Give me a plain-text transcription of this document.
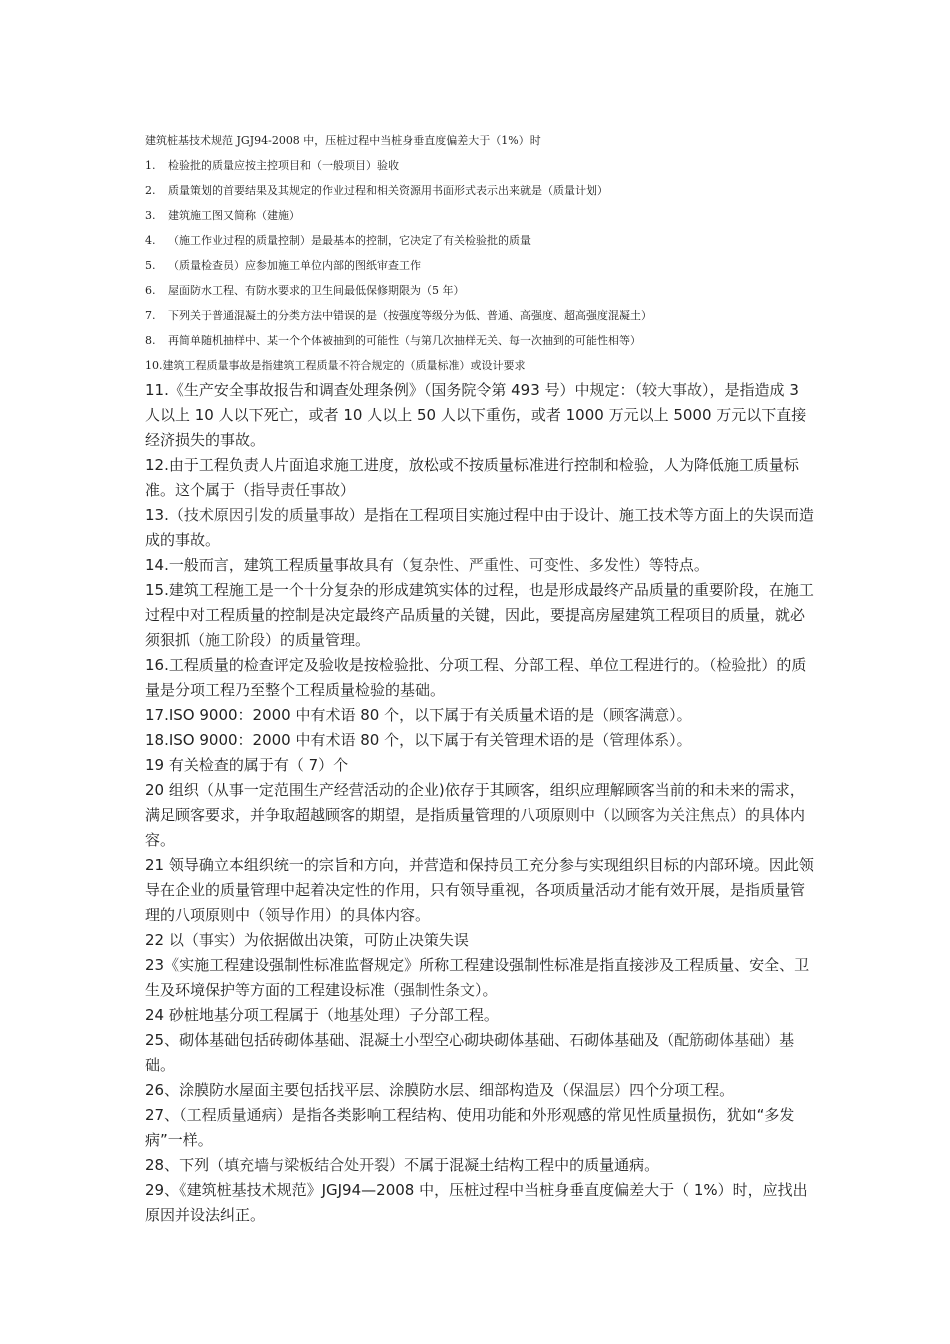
建筑桩基技术规范 JGJ94-2008 中，压桩过程中当桩身垂直度偏差大于（1%）时

1. 检验批的质量应按主控项目和（一般项目）验收

2. 质量策划的首要结果及其规定的作业过程和相关资源用书面形式表示出来就是（质量计划）

3. 建筑施工图又简称（建施）

4. （施工作业过程的质量控制）是最基本的控制，它决定了有关检验批的质量

5. （质量检查员）应参加施工单位内部的图纸审查工作

6. 屋面防水工程、有防水要求的卫生间最低保修期限为（5 年）

7. 下列关于普通混凝土的分类方法中错误的是（按强度等级分为低、普通、高强度、超高强度混凝土）

8. 再简单随机抽样中、某一个个体被抽到的可能性（与第几次抽样无关、每一次抽到的可能性相等）

10.建筑工程质量事故是指建筑工程质量不符合规定的（质量标准）或设计要求

11.《生产安全事故报告和调查处理条例》（国务院令第 493 号）中规定：（较大事故），是指造成 3 人以上 10 人以下死亡，或者 10 人以上 50 人以下重伤，或者 1000 万元以上 5000 万元以下直接经济损失的事故。

12.由于工程负责人片面追求施工进度，放松或不按质量标准进行控制和检验，人为降低施工质量标准。这个属于（指导责任事故）

13.（技术原因引发的质量事故）是指在工程项目实施过程中由于设计、施工技术等方面上的失误而造成的事故。

14.一般而言，建筑工程质量事故具有（复杂性、严重性、可变性、多发性）等特点。

15.建筑工程施工是一个十分复杂的形成建筑实体的过程，也是形成最终产品质量的重要阶段，在施工过程中对工程质量的控制是决定最终产品质量的关键，因此，要提高房屋建筑工程项目的质量，就必须狠抓（施工阶段）的质量管理。

16.工程质量的检查评定及验收是按检验批、分项工程、分部工程、单位工程进行的。（检验批）的质量是分项工程乃至整个工程质量检验的基础。

17.ISO 9000：2000 中有术语 80 个，以下属于有关质量术语的是（顾客满意）。

18.ISO 9000：2000 中有术语 80 个，以下属于有关管理术语的是（管理体系）。

19 有关检查的属于有（ 7）个

20 组织（从事一定范围生产经营活动的企业)依存于其顾客，组织应理解顾客当前的和未来的需求，满足顾客要求，并争取超越顾客的期望，是指质量管理的八项原则中（以顾客为关注焦点）的具体内容。

21 领导确立本组织统一的宗旨和方向，并营造和保持员工充分参与实现组织目标的内部环境。因此领导在企业的质量管理中起着决定性的作用，只有领导重视，各项质量活动才能有效开展，是指质量管理的八项原则中（领导作用）的具体内容。

22 以（事实）为依据做出决策，可防止决策失误

23《实施工程建设强制性标准监督规定》所称工程建设强制性标准是指直接涉及工程质量、安全、卫生及环境保护等方面的工程建设标准（强制性条文）。

24 砂桩地基分项工程属于（地基处理）子分部工程。

25、砌体基础包括砖砌体基础、混凝土小型空心砌块砌体基础、石砌体基础及（配筋砌体基础）基础。

26、涂膜防水屋面主要包括找平层、涂膜防水层、细部构造及（保温层）四个分项工程。

27、（工程质量通病）是指各类影响工程结构、使用功能和外形观感的常见性质量损伤，犹如“多发病”一样。

28、下列（填充墙与梁板结合处开裂）不属于混凝土结构工程中的质量通病。

29、《建筑桩基技术规范》JGJ94—2008 中，压桩过程中当桩身垂直度偏差大于（ 1%）时，应找出原因并设法纠正。
